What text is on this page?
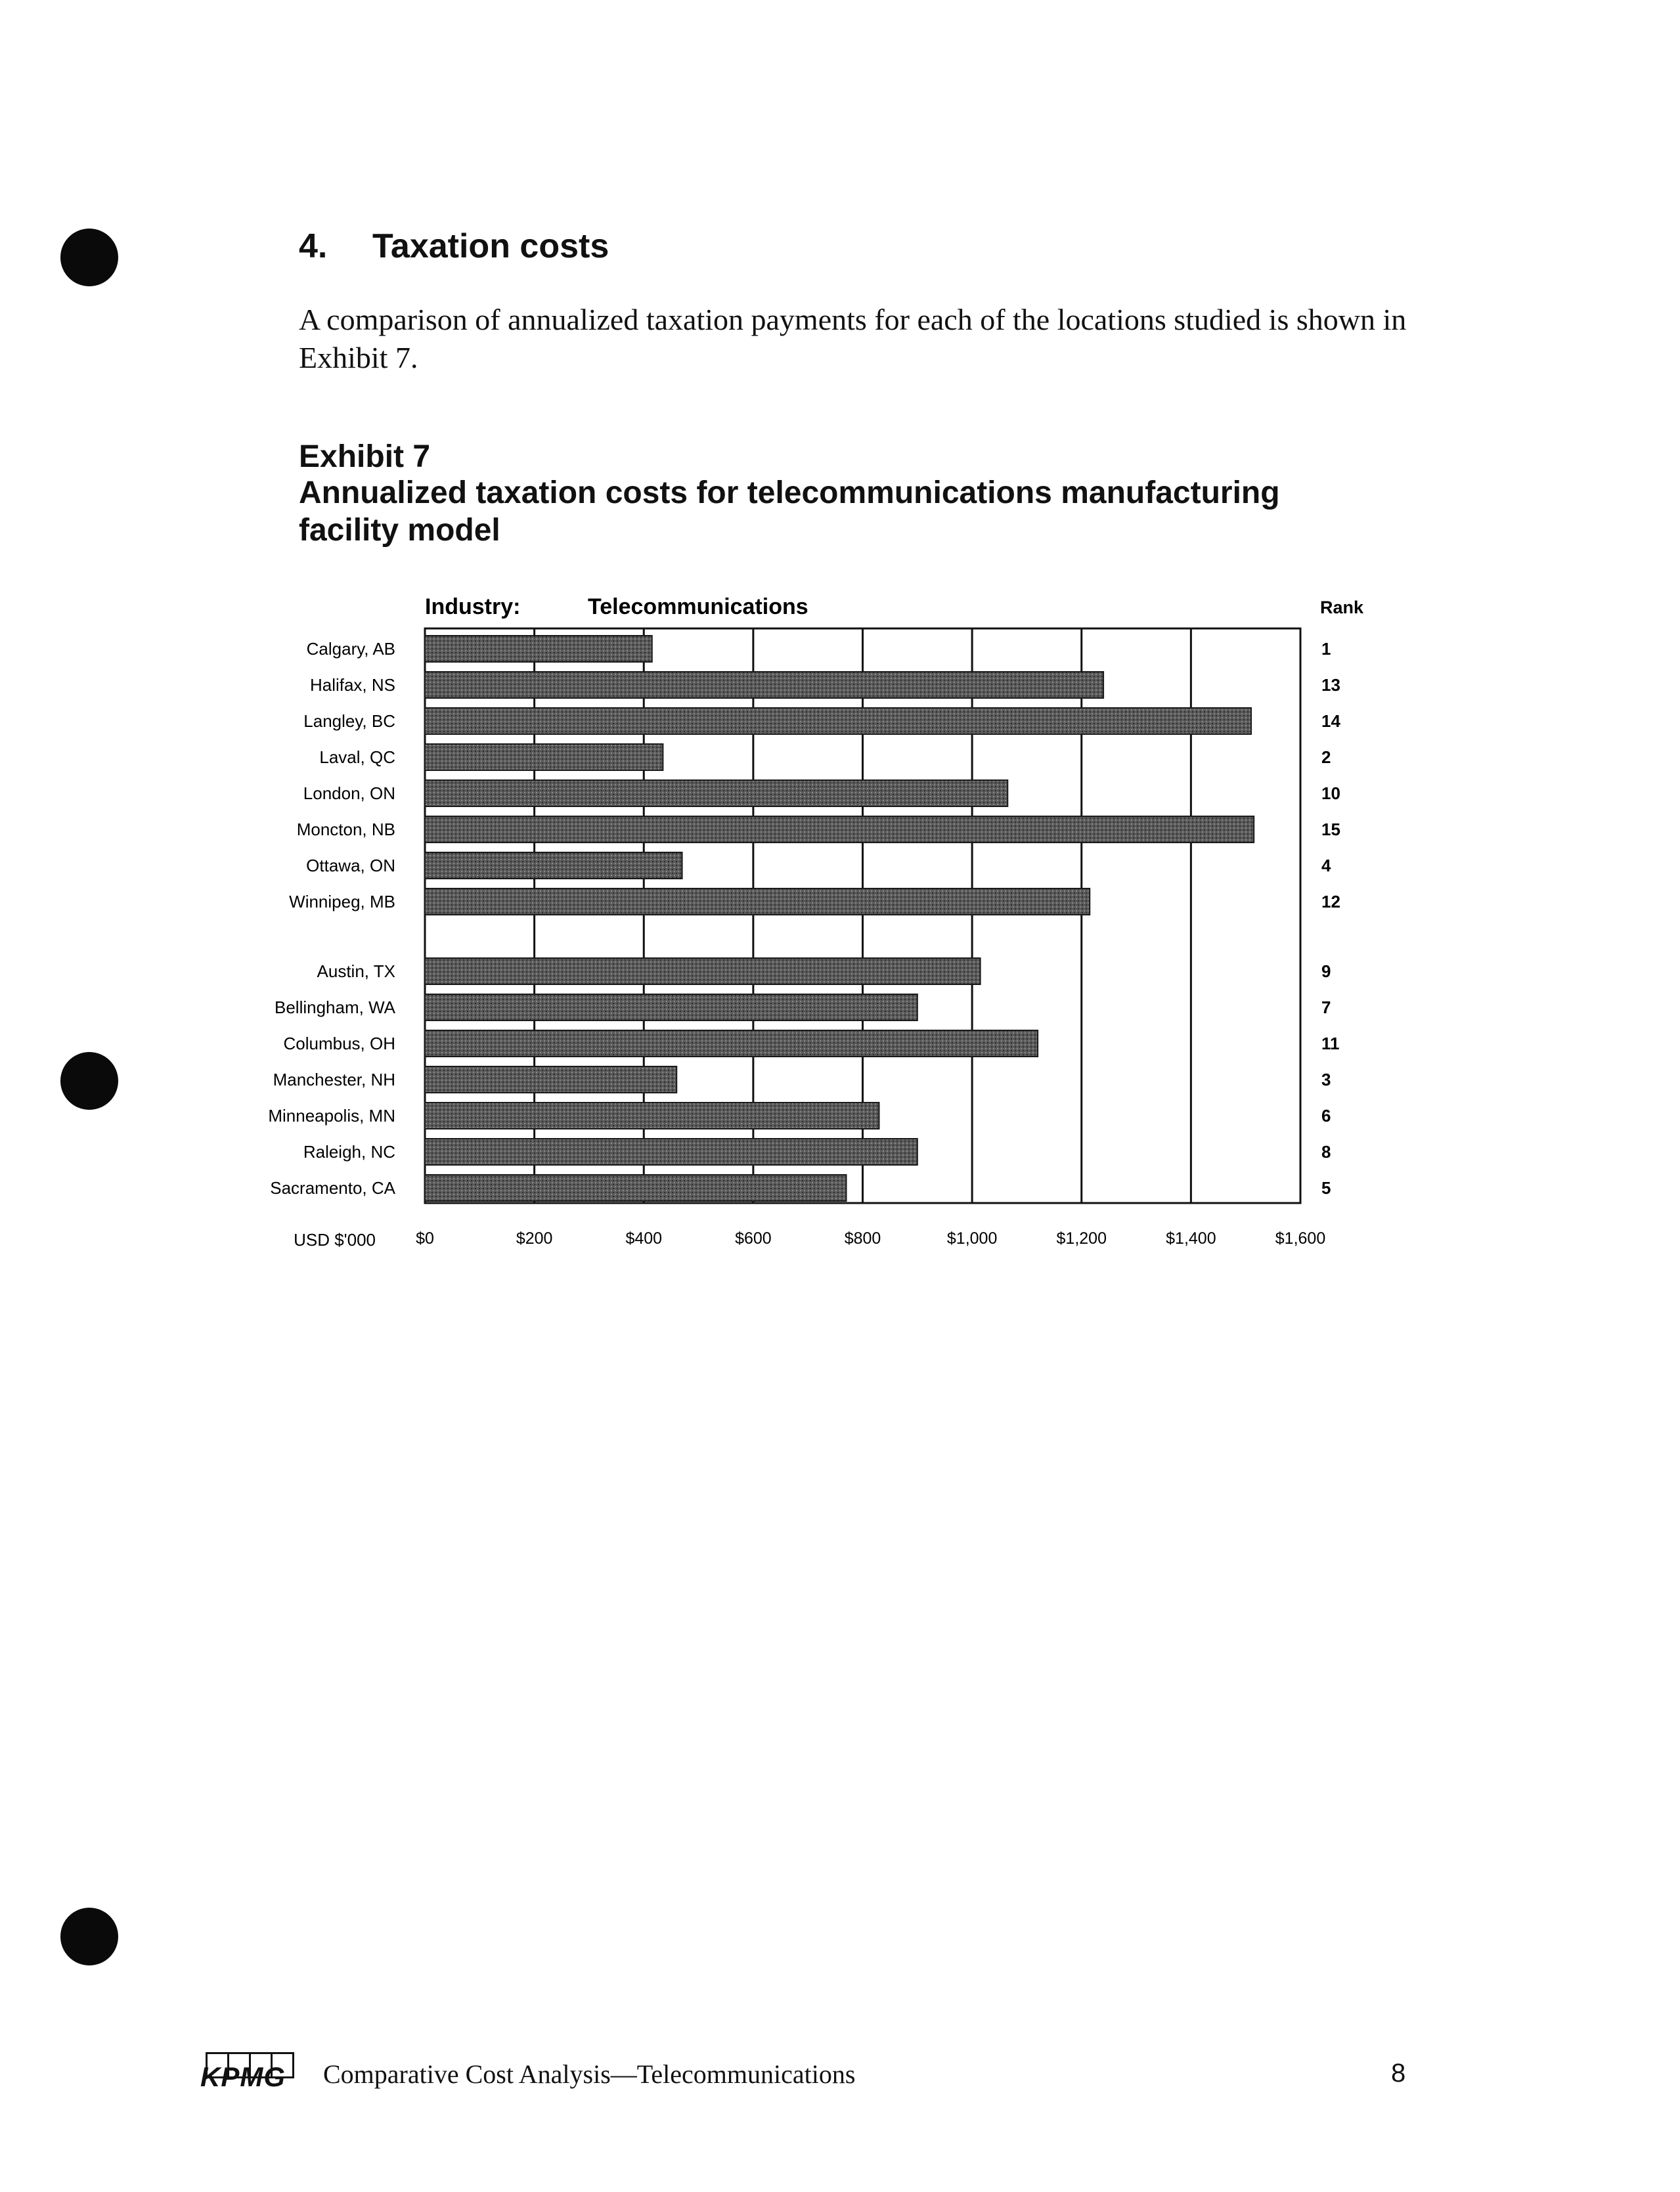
4. Taxation costs

A comparison of annualized taxation payments for each of the locations studied is shown in Exhibit 7.

Exhibit 7
Annualized taxation costs for telecommunications manufacturing facility model
$0	$200	$400	$600	$800	$1,000	$1,200	$1,400	$1,600
USD $'000
Industry:	Telecommunications	Rank
Calgary, AB	1
Halifax, NS	13
Langley, BC	14
Laval, QC	2
London, ON	10
Moncton, NB	15
Ottawa, ON	4
Winnipeg, MB	12
Austin, TX	9
Bellingham, WA	7
Columbus, OH	11
Manchester, NH	3
Minneapolis, MN	6
Raleigh, NC	8
Sacramento, CA	5
KPMG Comparative Cost Analysis—Telecommunications	8
